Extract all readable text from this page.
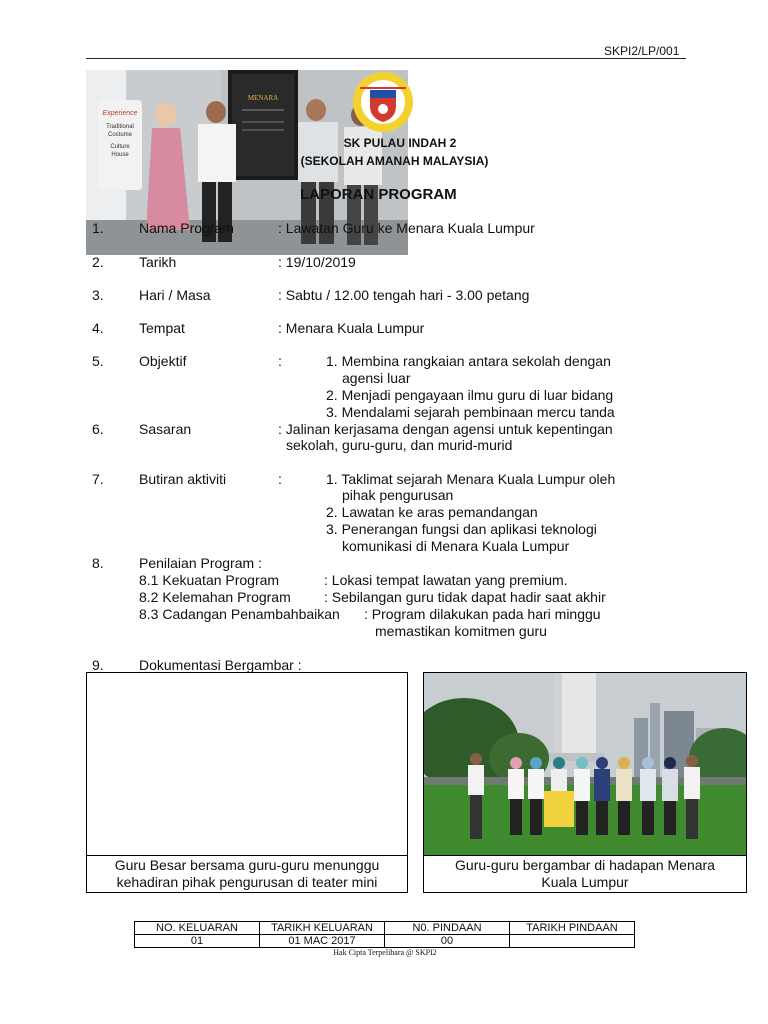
SKPI2/LP/001
MENARA
Experience
Traditional
Costume
Culture
House
SK PULAU INDAH 2
(SEKOLAH AMANAH MALAYSIA)
LAPORAN PROGRAM
1.	Nama Program	: Lawatan Guru ke Menara Kuala Lumpur
2.	Tarikh	: 19/10/2019
3.	Hari / Masa	: Sabtu / 12.00 tengah hari - 3.00 petang
4.	Tempat	: Menara Kuala Lumpur
5.	Objektif	:	1. Membina rangkaian antara sekolah dengan
agensi luar
2. Menjadi pengayaan ilmu guru di luar bidang
3. Mendalami sejarah pembinaan mercu tanda
6.	Sasaran	: Jalinan kerjasama dengan agensi untuk kepentingan
sekolah, guru-guru, dan murid-murid
7.	Butiran aktiviti	:	1. Taklimat sejarah Menara Kuala Lumpur oleh
pihak pengurusan
2. Lawatan ke aras pemandangan
3. Penerangan fungsi dan aplikasi teknologi
komunikasi di Menara Kuala Lumpur
8.	Penilaian Program :
8.1 Kekuatan Program	: Lokasi tempat lawatan yang premium.
8.2 Kelemahan Program : Sebilangan guru tidak dapat hadir saat akhir
8.3 Cadangan Penambahbaikan : Program dilakukan pada hari minggu
memastikan komitmen guru
9.	Dokumentasi Bergambar :
Guru Besar bersama guru-guru menunggu
kehadiran pihak pengurusan di teater mini
Guru-guru bergambar di hadapan Menara
Kuala Lumpur
NO. KELUARAN	TARIKH KELUARAN	N0. PINDAAN	TARIKH PINDAAN
01	01 MAC 2017	00	
Hak Cipta Terpelihara @ SKPI2
